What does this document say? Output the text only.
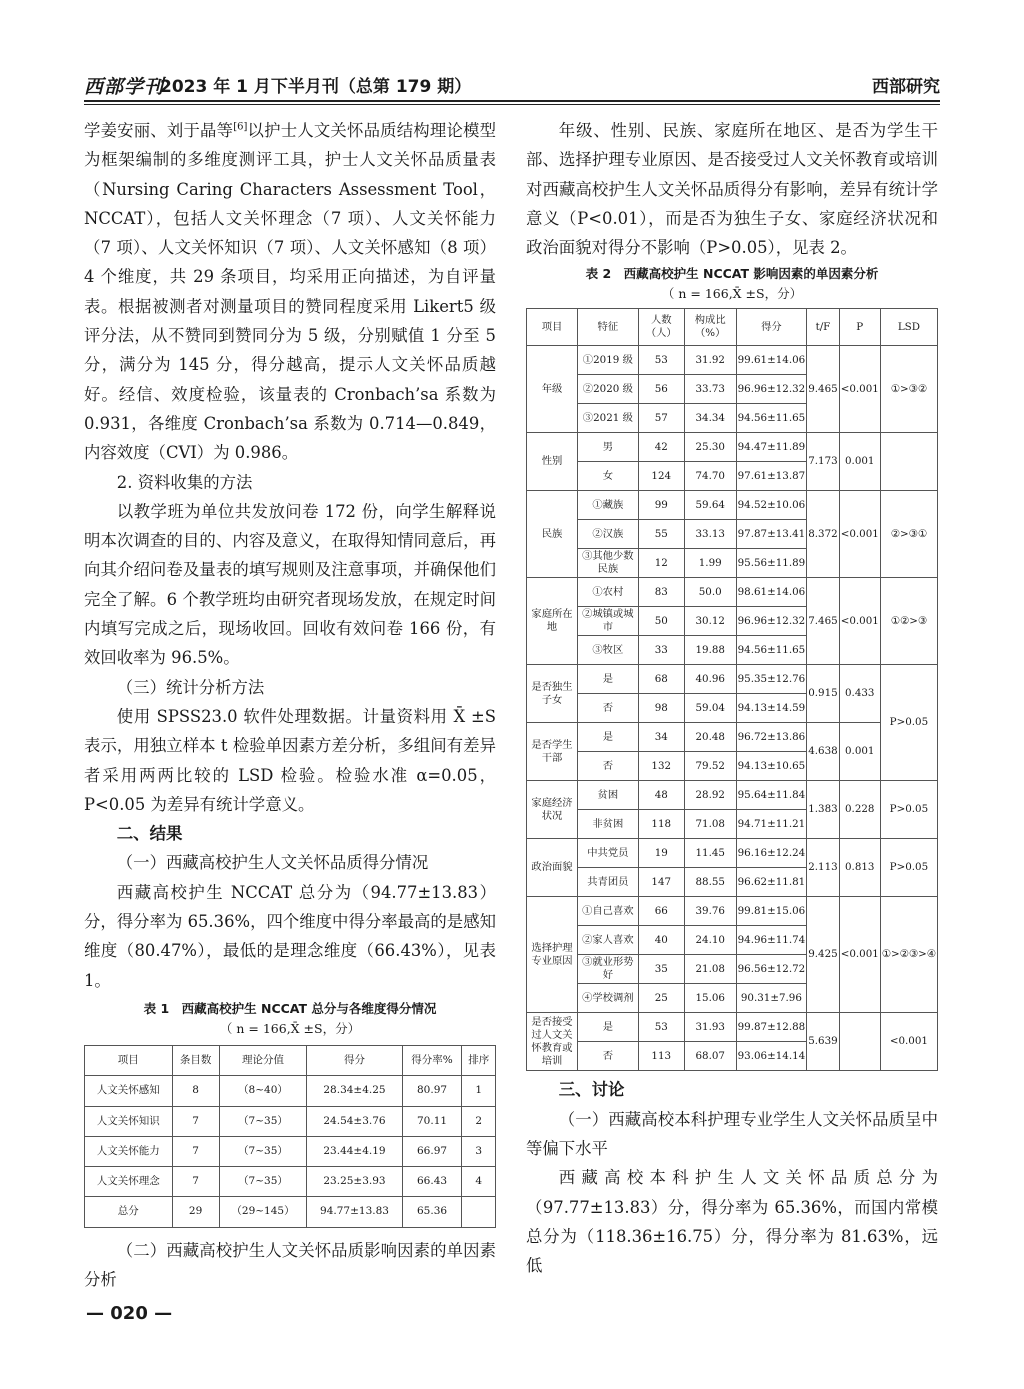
西部学刊
2023 年 1 月下半月刊（总第 179 期）	西部研究

学姜安丽、刘于晶等[6]以护士人文关怀品质结构理论模型为框架编制的多维度测评工具，护士人文关怀品质量表（Nursing Caring Characters Assessment Tool，NCCAT），包括人文关怀理念（7 项）、人文关怀能力（7 项）、人文关怀知识（7 项）、人文关怀感知（8 项）4 个维度，共 29 条项目，均采用正向描述，为自评量表。根据被测者对测量项目的赞同程度采用 Likert5 级评分法，从不赞同到赞同分为 5 级，分别赋值 1 分至 5 分，满分为 145 分，得分越高，提示人文关怀品质越好。经信、效度检验，该量表的 Cronbach’sa 系数为 0.931，各维度 Cronbach’sa 系数为 0.714—0.849，内容效度（CVI）为 0.986。

2. 资料收集的方法

以教学班为单位共发放问卷 172 份，向学生解释说明本次调查的目的、内容及意义，在取得知情同意后，再向其介绍问卷及量表的填写规则及注意事项，并确保他们完全了解。6 个教学班均由研究者现场发放，在规定时间内填写完成之后，现场收回。回收有效问卷 166 份，有效回收率为 96.5%。

（三）统计分析方法

使用 SPSS23.0 软件处理数据。计量资料用 X̄ ±S 表示，用独立样本 t 检验单因素方差分析，多组间有差异者采用两两比较的 LSD 检验。检验水准 α=0.05，P<0.05 为差异有统计学意义。

二、结果
（一）西藏高校护生人文关怀品质得分情况

西藏高校护生 NCCAT 总分为（94.77±13.83）分，得分率为 65.36%，四个维度中得分率最高的是感知维度（80.47%），最低的是理念维度（66.43%），见表 1。

表 1　西藏高校护生 NCCAT 总分与各维度得分情况
（ n = 166,X̄ ±S，分）
项目	条目数	理论分值	得分	得分率%	排序
人文关怀感知	8	（8~40）	28.34±4.25	80.97	1
人文关怀知识	7	（7~35）	24.54±3.76	70.11	2
人文关怀能力	7	（7~35）	23.44±4.19	66.97	3
人文关怀理念	7	（7~35）	23.25±3.93	66.43	4
总分	29	（29~145）	94.77±13.83	65.36	
（二）西藏高校护生人文关怀品质影响因素的单因素分析

年级、性别、民族、家庭所在地区、是否为学生干部、选择护理专业原因、是否接受过人文关怀教育或培训对西藏高校护生人文关怀品质得分有影响，差异有统计学意义（P<0.01），而是否为独生子女、家庭经济状况和政治面貌对得分不影响（P>0.05），见表 2。

表 2　西藏高校护生 NCCAT 影响因素的单因素分析
（ n = 166,X̄ ±S，分）
项目	特征	人数（人）	构成比（%）	得分	t/F	P	LSD
年级	①2019 级	53	31.92	99.61±14.06	9.465	<0.001	①>③②
	②2020 级	56	33.73	96.96±12.32			
	③2021 级	57	34.34	94.56±11.65			
性别	男	42	25.30	94.47±11.89	7.173	0.001	
	女	124	74.70	97.61±13.87			
民族	①藏族	99	59.64	94.52±10.06	8.372	<0.001	②>③①
	②汉族	55	33.13	97.87±13.41			
	③其他少数民族	12	1.99	95.56±11.89			
家庭所在地	①农村	83	50.0	98.61±14.06	7.465	<0.001	①②>③
	②城镇或城市	50	30.12	96.96±12.32			
	③牧区	33	19.88	94.56±11.65			
是否独生子女	是	68	40.96	95.35±12.76	0.915	0.433	P>0.05
	否	98	59.04	94.13±14.59			
是否学生干部	是	34	20.48	96.72±13.86	4.638	0.001	
	否	132	79.52	94.13±10.65			
家庭经济状况	贫困	48	28.92	95.64±11.84	1.383	0.228	P>0.05
	非贫困	118	71.08	94.71±11.21			
政治面貌	中共党员	19	11.45	96.16±12.24	2.113	0.813	P>0.05
	共青团员	147	88.55	96.62±11.81			
选择护理专业原因	①自己喜欢	66	39.76	99.81±15.06	9.425	<0.001	①>②③>④
	②家人喜欢	40	24.10	94.96±11.74			
	③就业形势好	35	21.08	96.56±12.72			
	④学校调剂	25	15.06	90.31±7.96			
是否接受过人文关怀教育或培训	是	53	31.93	99.87±12.88	5.639		<0.001
	否	113	68.07	93.06±14.14			
三、讨论
（一）西藏高校本科护理专业学生人文关怀品质呈中等偏下水平

西藏高校本科护生人文关怀品质总分为（97.77±13.83）分，得分率为 65.36%，而国内常模总分为（118.36±16.75）分，得分率为 81.63%，远低

— 020 —
